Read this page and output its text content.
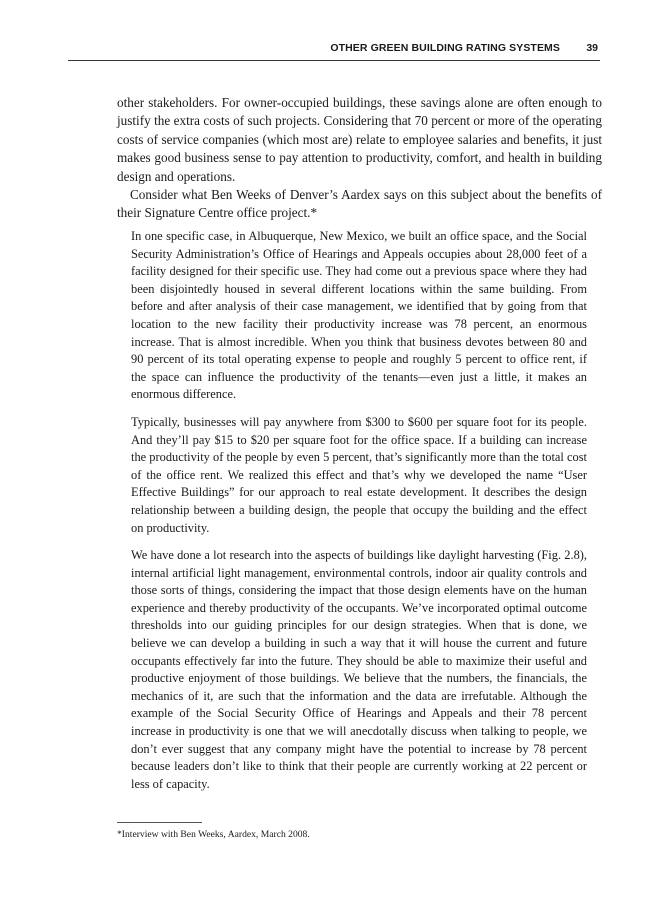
OTHER GREEN BUILDING RATING SYSTEMS	39

other stakeholders. For owner-occupied buildings, these savings alone are often enough to justify the extra costs of such projects. Considering that 70 percent or more of the operating costs of service companies (which most are) relate to employee salaries and benefits, it just makes good business sense to pay attention to productivity, comfort, and health in building design and operations.

Consider what Ben Weeks of Denver’s Aardex says on this subject about the benefits of their Signature Centre office project.*

In one specific case, in Albuquerque, New Mexico, we built an office space, and the Social Security Administration’s Office of Hearings and Appeals occupies about 28,000 feet of a facility designed for their specific use. They had come out a previous space where they had been disjointedly housed in several different locations within the same building. From before and after analysis of their case management, we identified that by going from that location to the new facility their productivity increase was 78 percent, an enormous increase. That is almost incredible. When you think that business devotes between 80 and 90 percent of its total operating expense to people and roughly 5 percent to office rent, if the space can influence the productivity of the tenants—even just a little, it makes an enormous difference.

Typically, businesses will pay anywhere from $300 to $600 per square foot for its people. And they’ll pay $15 to $20 per square foot for the office space. If a building can increase the productivity of the people by even 5 percent, that’s significantly more than the total cost of the office rent. We realized this effect and that’s why we developed the name “User Effective Buildings” for our approach to real estate development. It describes the design relationship between a building design, the people that occupy the building and the effect on productivity.

We have done a lot research into the aspects of buildings like daylight harvesting (Fig. 2.8), internal artificial light management, environmental controls, indoor air quality controls and those sorts of things, considering the impact that those design elements have on the human experience and thereby productivity of the occupants. We’ve incorporated optimal outcome thresholds into our guiding principles for our design strategies. When that is done, we believe we can develop a building in such a way that it will house the current and future occupants effectively far into the future. They should be able to maximize their useful and productive enjoyment of those buildings. We believe that the numbers, the financials, the mechanics of it, are such that the information and the data are irrefutable. Although the example of the Social Security Office of Hearings and Appeals and their 78 percent increase in productivity is one that we will anecdotally discuss when talking to people, we don’t ever suggest that any company might have the potential to increase by 78 percent because leaders don’t like to think that their people are currently working at 22 percent or less of capacity.

*Interview with Ben Weeks, Aardex, March 2008.
